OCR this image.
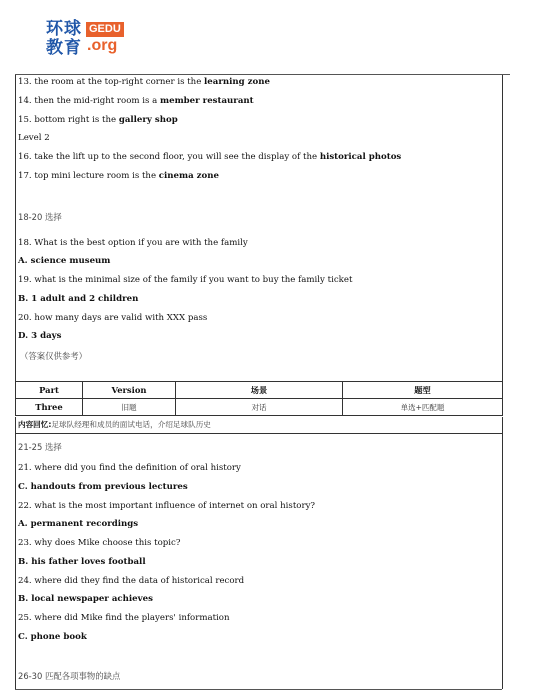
环球
教育
GEDU
.org
13. the room at the top-right corner is the learning zone
14. then the mid-right room is a member restaurant
15. bottom right is the gallery shop
Level 2
16. take the lift up to the second floor, you will see the display of the historical photos
17. top mini lecture room is the cinema zone
18-20 选择
18. What is the best option if you are with the family
A. science museum
19. what is the minimal size of the family if you want to buy the family ticket
B. 1 adult and 2 children
20. how many days are valid with XXX pass
D. 3 days
（答案仅供参考）
Part	Version	场景	题型
Three	旧题	对话	单选+匹配题
内容回忆:足球队经理和成员的面试电话，介绍足球队历史
21-25 选择
21. where did you find the definition of oral history
C. handouts from previous lectures
22. what is the most important influence of internet on oral history?
A. permanent recordings
23. why does Mike choose this topic?
B. his father loves football
24. where did they find the data of historical record
B. local newspaper achieves
25. where did Mike find the players' information
C. phone book
26-30 匹配各项事物的缺点
